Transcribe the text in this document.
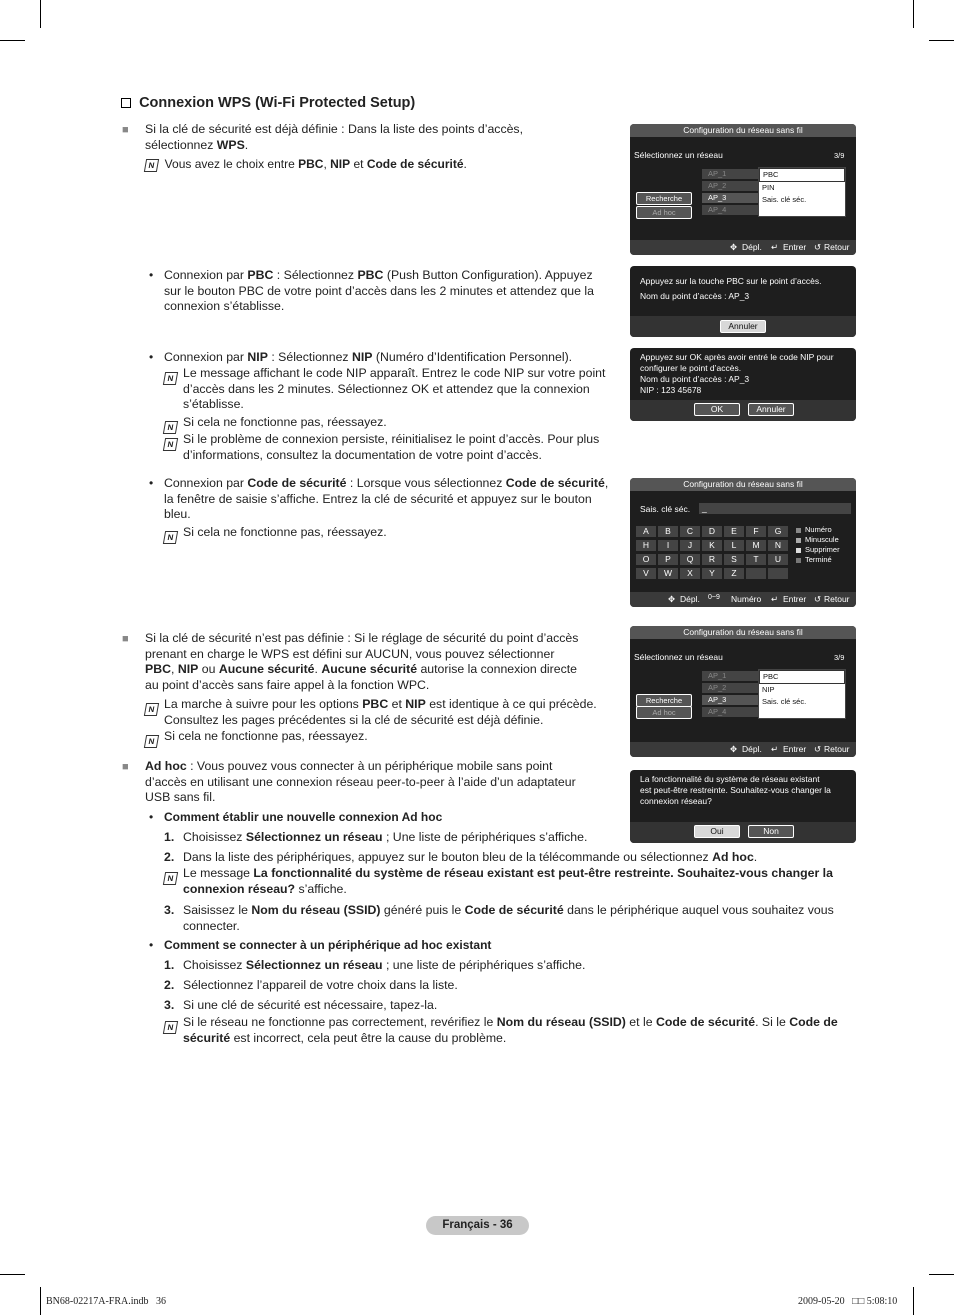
Connexion WPS (Wi-Fi Protected Setup)
■ Si la clé de sécurité est déjà définie : Dans la liste des points d’accès,
sélectionnez WPS.
N Vous avez le choix entre PBC, NIP et Code de sécurité.
• Connexion par PBC : Sélectionnez PBC (Push Button Configuration). Appuyez
sur le bouton PBC de votre point d’accès dans les 2 minutes et attendez que la
connexion s’établisse.
• Connexion par NIP : Sélectionnez NIP (Numéro d’Identification Personnel).
N Le message affichant le code NIP apparaît. Entrez le code NIP sur votre point
d’accès dans les 2 minutes. Sélectionnez OK et attendez que la connexion
s’établisse.
N Si cela ne fonctionne pas, réessayez.
N Si le problème de connexion persiste, réinitialisez le point d’accès. Pour plus
d’informations, consultez la documentation de votre point d’accès.
• Connexion par Code de sécurité : Lorsque vous sélectionnez Code de sécurité,
la fenêtre de saisie s’affiche. Entrez la clé de sécurité et appuyez sur le bouton
bleu.
N Si cela ne fonctionne pas, réessayez.
■ Si la clé de sécurité n’est pas définie : Si le réglage de sécurité du point d’accès
prenant en charge le WPS est défini sur AUCUN, vous pouvez sélectionner
PBC, NIP ou Aucune sécurité. Aucune sécurité autorise la connexion directe
au point d’accès sans faire appel à la fonction WPC.
N La marche à suivre pour les options PBC et NIP est identique à ce qui précède.
Consultez les pages précédentes si la clé de sécurité est déjà définie.
N Si cela ne fonctionne pas, réessayez.
■ Ad hoc : Vous pouvez vous connecter à un périphérique mobile sans point
d’accès en utilisant une connexion réseau peer-to-peer à l’aide d’un adaptateur
USB sans fil.
• Comment établir une nouvelle connexion Ad hoc
1. Choisissez Sélectionnez un réseau ; Une liste de périphériques s’affiche.
2. Dans la liste des périphériques, appuyez sur le bouton bleu de la télécommande ou sélectionnez Ad hoc.
N Le message La fonctionnalité du système de réseau existant est peut-être restreinte. Souhaitez-vous changer la
connexion réseau? s’affiche.
3. Saisissez le Nom du réseau (SSID) généré puis le Code de sécurité dans le périphérique auquel vous souhaitez vous
connecter.
• Comment se connecter à un périphérique ad hoc existant
1. Choisissez Sélectionnez un réseau ; une liste de périphériques s’affiche.
2. Sélectionnez l’appareil de votre choix dans la liste.
3. Si une clé de sécurité est nécessaire, tapez-la.
N Si le réseau ne fonctionne pas correctement, revérifiez le Nom du réseau (SSID) et le Code de sécurité. Si le Code de
sécurité est incorrect, cela peut être la cause du problème.
Configuration du réseau sans fil
Sélectionnez un réseau	3/9
AP_1
AP_2
AP_3
AP_4
Recherche
Ad hoc
PBC
PIN
Sais. clé séc.
✥ Dépl. ↵ Entrer ↺ Retour
Appuyez sur la touche PBC sur le point d’accès.
Nom du point d’accès : AP_3
Annuler
Appuyez sur OK après avoir entré le code NIP pour
configurer le point d’accès.
Nom du point d’accès : AP_3
NIP : 123 45678
OK	Annuler
Configuration du réseau sans fil
Sais. clé séc.	_
A	B	C	D	E	F	G
H	I	J	K	L	M	N
O	P	Q	R	S	T	U
V	W	X	Y	Z
Numéro
Minuscule
Supprimer
Terminé
✥ Dépl. 0~9 Numéro ↵ Entrer ↺ Retour
Configuration du réseau sans fil
Sélectionnez un réseau	3/9
AP_1
AP_2
AP_3
AP_4
Recherche
Ad hoc
PBC
NIP
Sais. clé séc.
✥ Dépl. ↵ Entrer ↺ Retour
La fonctionnalité du système de réseau existant
est peut-être restreinte. Souhaitez-vous changer la
connexion réseau?
Oui	Non
Français - 36
BN68-02217A-FRA.indb   36	2009-05-20   □□ 5:08:10
